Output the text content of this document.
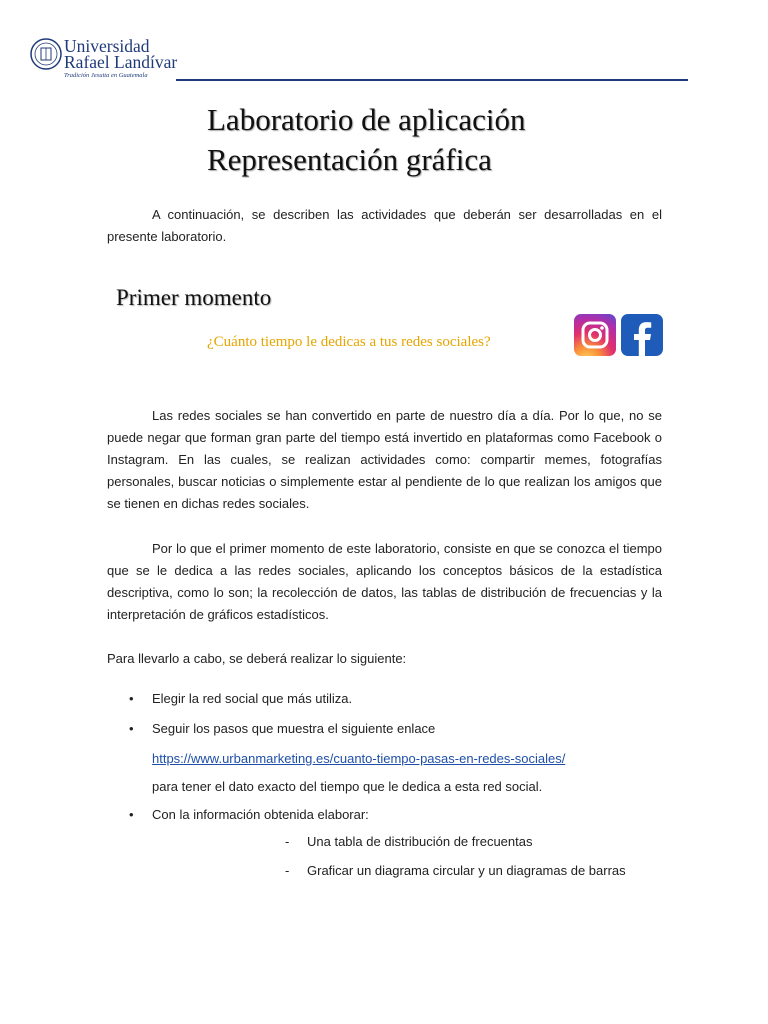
Universidad
Rafael Landívar
Tradición Jesuita en Guatemala
Laboratorio de aplicación
Representación gráfica

A continuación, se describen las actividades que deberán ser desarrolladas en el presente laboratorio.

Primer momento
¿Cuánto tiempo le dedicas a tus redes sociales?

Las redes sociales se han convertido en parte de nuestro día a día. Por lo que, no se puede negar que forman gran parte del tiempo está invertido en plataformas como Facebook o Instagram. En las cuales, se realizan actividades como: compartir memes, fotografías personales, buscar noticias o simplemente estar al pendiente de lo que realizan los amigos que se tienen en dichas redes sociales.

Por lo que el primer momento de este laboratorio, consiste en que se conozca el tiempo que se le dedica a las redes sociales, aplicando los conceptos básicos de la estadística descriptiva, como lo son; la recolección de datos, las tablas de distribución de frecuencias y la interpretación de gráficos estadísticos.

Para llevarlo a cabo, se deberá realizar lo siguiente:

• Elegir la red social que más utiliza.
• Seguir los pasos que muestra el siguiente enlace
https://www.urbanmarketing.es/cuanto-tiempo-pasas-en-redes-sociales/
para tener el dato exacto del tiempo que le dedica a esta red social.
• Con la información obtenida elaborar:
- Una tabla de distribución de frecuentas
- Graficar un diagrama circular y un diagramas de barras
